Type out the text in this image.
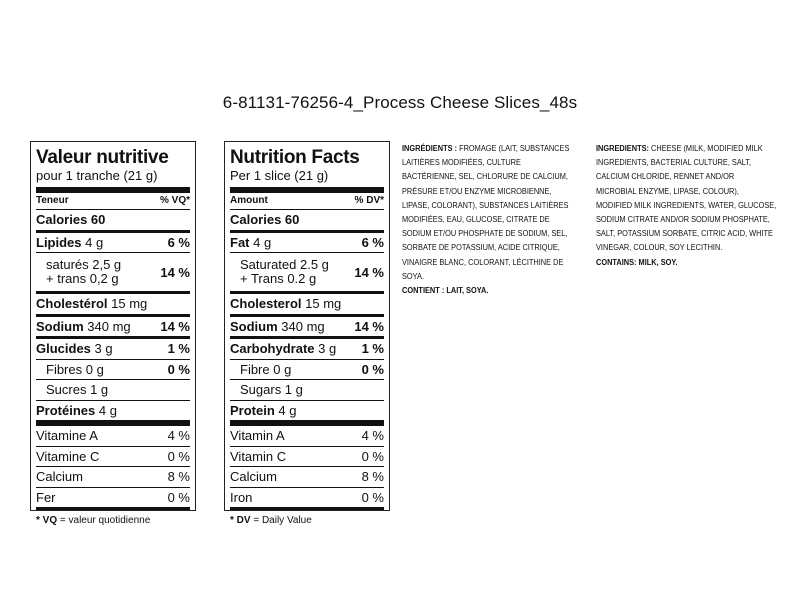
6-81131-76256-4_Process Cheese Slices_48s
Valeur nutritive
pour 1 tranche (21 g)
Teneur	% VQ*
Calories 60
Lipides 4 g	6 %
saturés 2,5 g
+ trans 0,2 g	14 %
Cholestérol 15 mg
Sodium 340 mg 14 %
Glucides 3 g	1 %
Fibres 0 g	0 %
Sucres 1 g
Protéines 4 g
Vitamine A	4 %
Vitamine C	0 %
Calcium	8 %
Fer	0 %
* VQ = valeur quotidienne
Nutrition Facts
Per 1 slice (21 g)
Amount	% DV*
Calories 60
Fat 4 g	6 %
Saturated 2.5 g
+ Trans 0.2 g	14 %
Cholesterol 15 mg
Sodium 340 mg 14 %
Carbohydrate 3 g 1 %
Fibre 0 g	0 %
Sugars 1 g
Protein 4 g
Vitamin A	4 %
Vitamin C	0 %
Calcium	8 %
Iron	0 %
* DV = Daily Value
INGRÉDIENTS : FROMAGE (LAIT, SUBSTANCES LAITIÈRES MODIFIÉES, CULTURE BACTÉRIENNE, SEL, CHLORURE DE CALCIUM, PRÉSURE ET/OU ENZYME MICROBIENNE, LIPASE, COLORANT), SUBSTANCES LAITIÈRES MODIFIÉES, EAU, GLUCOSE, CITRATE DE SODIUM ET/OU PHOSPHATE DE SODIUM, SEL, SORBATE DE POTASSIUM, ACIDE CITRIQUE, VINAIGRE BLANC, COLORANT, LÉCITHINE DE SOYA.
CONTIENT : LAIT, SOYA.
INGREDIENTS: CHEESE (MILK, MODIFIED MILK INGREDIENTS, BACTERIAL CULTURE, SALT, CALCIUM CHLORIDE, RENNET AND/OR MICROBIAL ENZYME, LIPASE, COLOUR), MODIFIED MILK INGREDIENTS, WATER, GLUCOSE, SODIUM CITRATE AND/OR SODIUM PHOSPHATE, SALT, POTASSIUM SORBATE, CITRIC ACID, WHITE VINEGAR, COLOUR, SOY LECITHIN.
CONTAINS: MILK, SOY.
